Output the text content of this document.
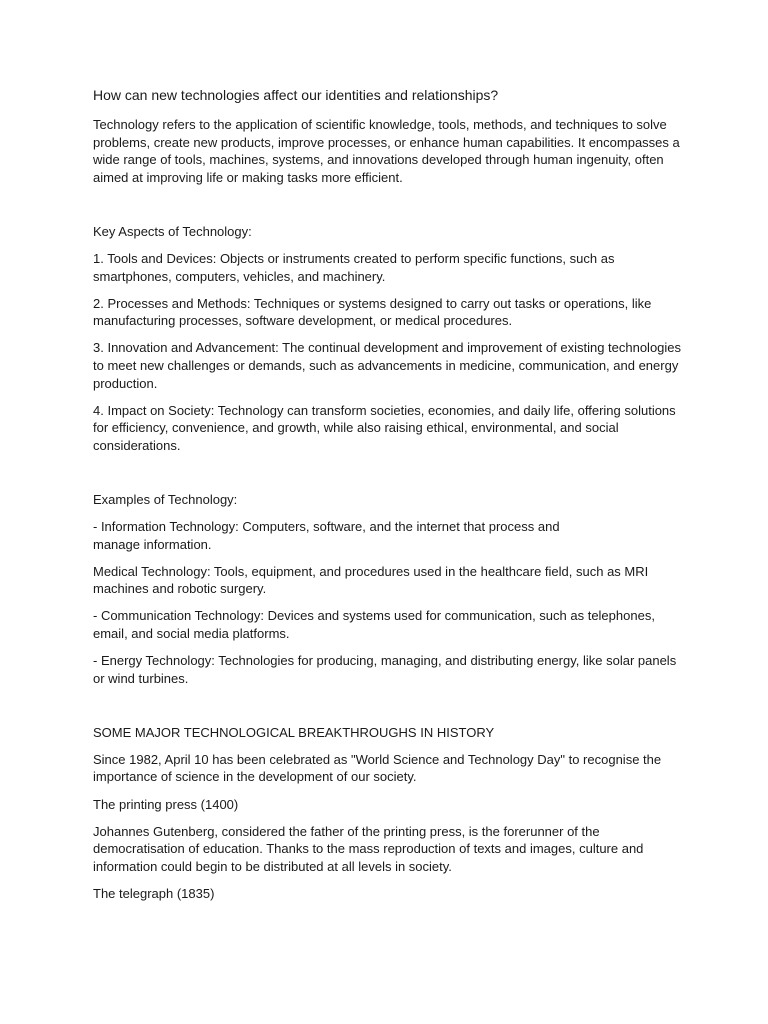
How can new technologies affect our identities and relationships?

Technology refers to the application of scientific knowledge, tools, methods, and techniques to solve problems, create new products, improve processes, or enhance human capabilities. It encompasses a wide range of tools, machines, systems, and innovations developed through human ingenuity, often aimed at improving life or making tasks more efficient.

Key Aspects of Technology:

1. Tools and Devices: Objects or instruments created to perform specific functions, such as smartphones, computers, vehicles, and machinery.

2. Processes and Methods: Techniques or systems designed to carry out tasks or operations, like manufacturing processes, software development, or medical procedures.

3. Innovation and Advancement: The continual development and improvement of existing technologies to meet new challenges or demands, such as advancements in medicine, communication, and energy production.

4. Impact on Society: Technology can transform societies, economies, and daily life, offering solutions for efficiency, convenience, and growth, while also raising ethical, environmental, and social considerations.

Examples of Technology:

- Information Technology: Computers, software, and the internet that process and
manage information.

Medical Technology: Tools, equipment, and procedures used in the healthcare field, such as MRI machines and robotic surgery.

- Communication Technology: Devices and systems used for communication, such as telephones, email, and social media platforms.

- Energy Technology: Technologies for producing, managing, and distributing energy, like solar panels or wind turbines.

SOME MAJOR TECHNOLOGICAL BREAKTHROUGHS IN HISTORY

Since 1982, April 10 has been celebrated as "World Science and Technology Day" to recognise the importance of science in the development of our society.

The printing press (1400)

Johannes Gutenberg, considered the father of the printing press, is the forerunner of the democratisation of education. Thanks to the mass reproduction of texts and images, culture and information could begin to be distributed at all levels in society.

The telegraph (1835)
